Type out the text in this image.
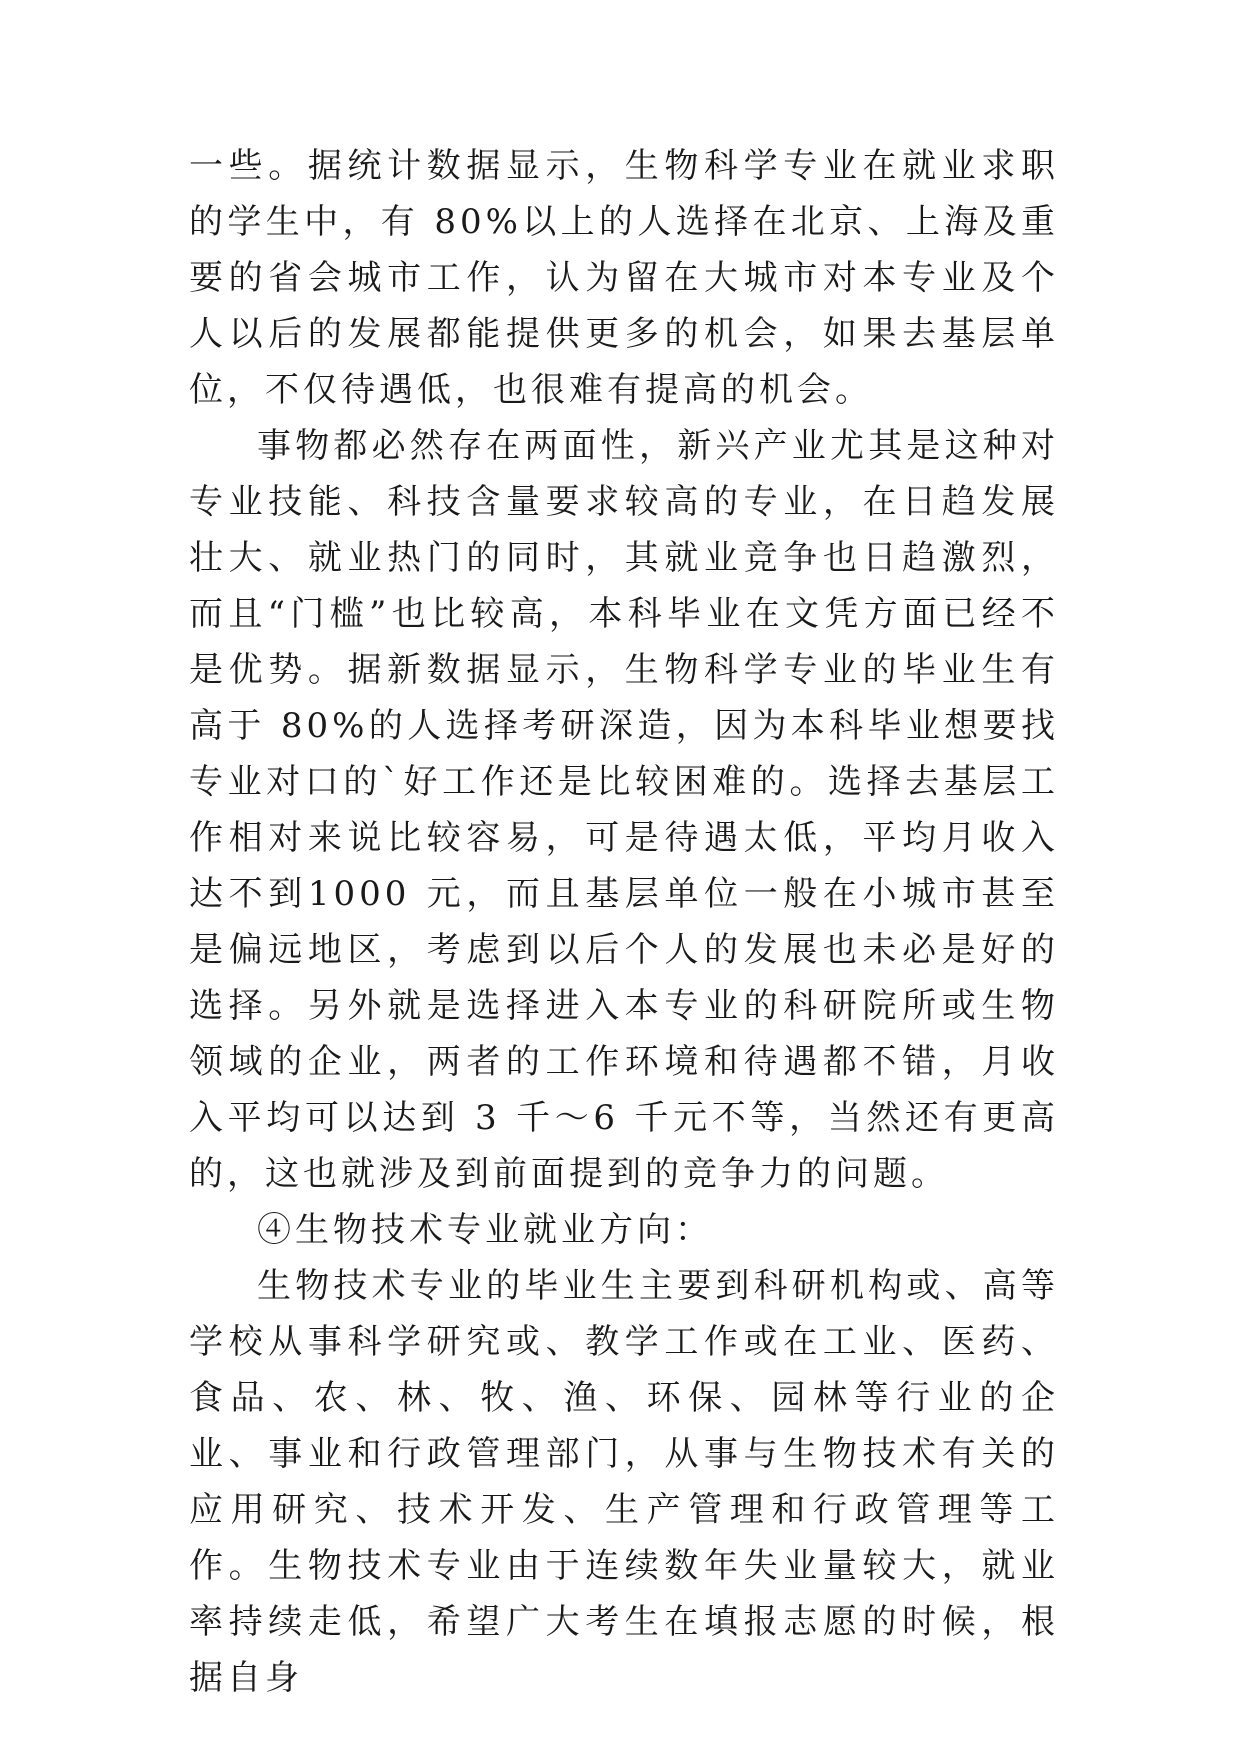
一些。据统计数据显示，生物科学专业在就业求职的学生中，有 80%以上的人选择在北京、上海及重要的省会城市工作，认为留在大城市对本专业及个人以后的发展都能提供更多的机会，如果去基层单位，不仅待遇低，也很难有提高的机会。

事物都必然存在两面性，新兴产业尤其是这种对专业技能、科技含量要求较高的专业，在日趋发展壮大、就业热门的同时，其就业竞争也日趋激烈，而且“门槛”也比较高，本科毕业在文凭方面已经不是优势。据新数据显示，生物科学专业的毕业生有高于 80%的人选择考研深造，因为本科毕业想要找专业对口的`好工作还是比较困难的。选择去基层工作相对来说比较容易，可是待遇太低，平均月收入达不到1000 元，而且基层单位一般在小城市甚至是偏远地区，考虑到以后个人的发展也未必是好的选择。另外就是选择进入本专业的科研院所或生物领域的企业，两者的工作环境和待遇都不错，月收入平均可以达到 3 千～6 千元不等，当然还有更高的，这也就涉及到前面提到的竞争力的问题。

④生物技术专业就业方向：

生物技术专业的毕业生主要到科研机构或、高等学校从事科学研究或、教学工作或在工业、医药、食品、农、林、牧、渔、环保、园林等行业的企业、事业和行政管理部门，从事与生物技术有关的应用研究、技术开发、生产管理和行政管理等工作。生物技术专业由于连续数年失业量较大，就业率持续走低，希望广大考生在填报志愿的时候，根据自身
